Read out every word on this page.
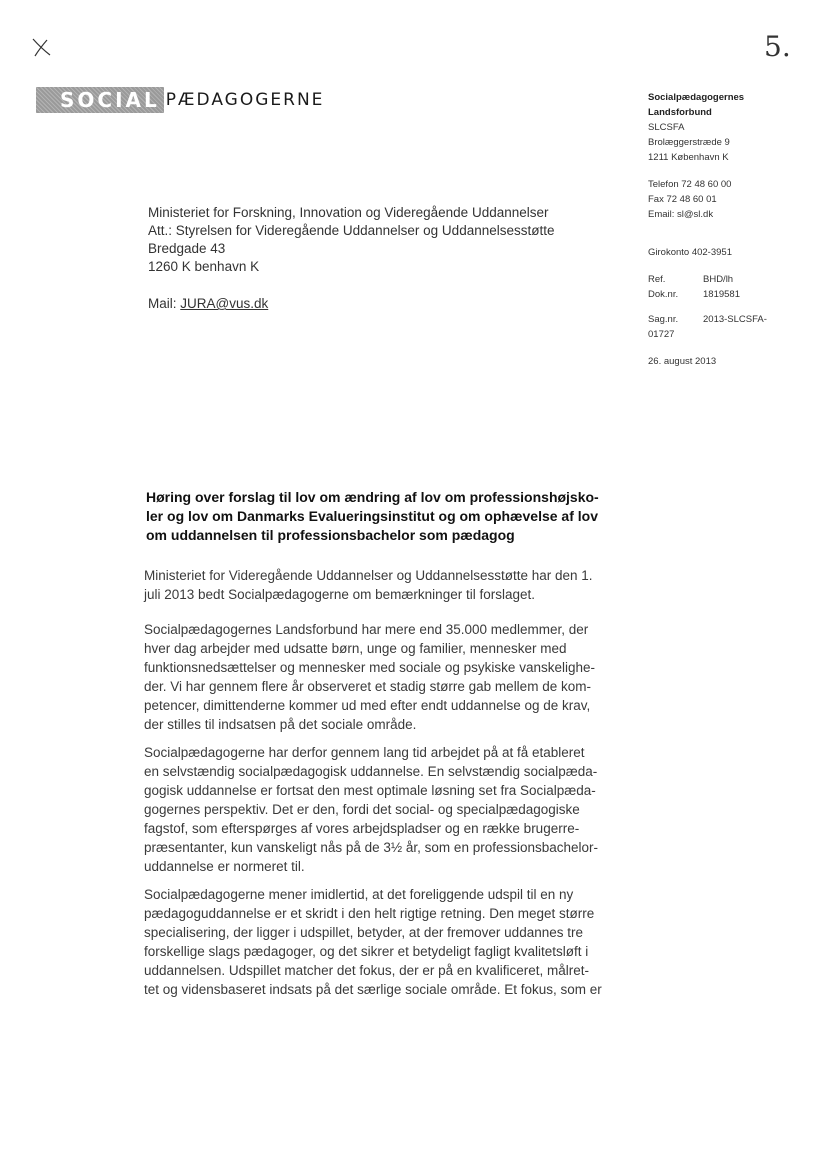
5.
SOCIAL PÆDAGOGERNE	Socialpædagogernes
Landsforbund
SLCSFA
Brolæggerstræde 9
1211 København K
Telefon 72 48 60 00
Fax 72 48 60 01
Email: sl@sl.dk
Girokonto 402-3951
Ref.	BHD/lh
Dok.nr.	1819581
Sag.nr.	2013-SLCSFA-
01727
26. august 2013
Ministeriet for Forskning, Innovation og Videregående Uddannelser
Att.: Styrelsen for Videregående Uddannelser og Uddannelsesstøtte
Bredgade 43
1260 K benhavn K
Mail: JURA@vus.dk
Høring over forslag til lov om ændring af lov om professionshøjsko-
ler og lov om Danmarks Evalueringsinstitut og om ophævelse af lov
om uddannelsen til professionsbachelor som pædagog
Ministeriet for Videregående Uddannelser og Uddannelsesstøtte har den 1.
juli 2013 bedt Socialpædagogerne om bemærkninger til forslaget.
Socialpædagogernes Landsforbund har mere end 35.000 medlemmer, der
hver dag arbejder med udsatte børn, unge og familier, mennesker med
funktionsnedsættelser og mennesker med sociale og psykiske vanskelighe-
der. Vi har gennem flere år observeret et stadig større gab mellem de kom-
petencer, dimittenderne kommer ud med efter endt uddannelse og de krav,
der stilles til indsatsen på det sociale område.
Socialpædagogerne har derfor gennem lang tid arbejdet på at få etableret
en selvstændig socialpædagogisk uddannelse. En selvstændig socialpæda-
gogisk uddannelse er fortsat den mest optimale løsning set fra Socialpæda-
gogernes perspektiv. Det er den, fordi det social- og specialpædagogiske
fagstof, som efterspørges af vores arbejdspladser og en række brugerre-
præsentanter, kun vanskeligt nås på de 3½ år, som en professionsbachelor-
uddannelse er normeret til.
Socialpædagogerne mener imidlertid, at det foreliggende udspil til en ny
pædagoguddannelse er et skridt i den helt rigtige retning. Den meget større
specialisering, der ligger i udspillet, betyder, at der fremover uddannes tre
forskellige slags pædagoger, og det sikrer et betydeligt fagligt kvalitetsløft i
uddannelsen. Udspillet matcher det fokus, der er på en kvalificeret, målret-
tet og vidensbaseret indsats på det særlige sociale område. Et fokus, som er
